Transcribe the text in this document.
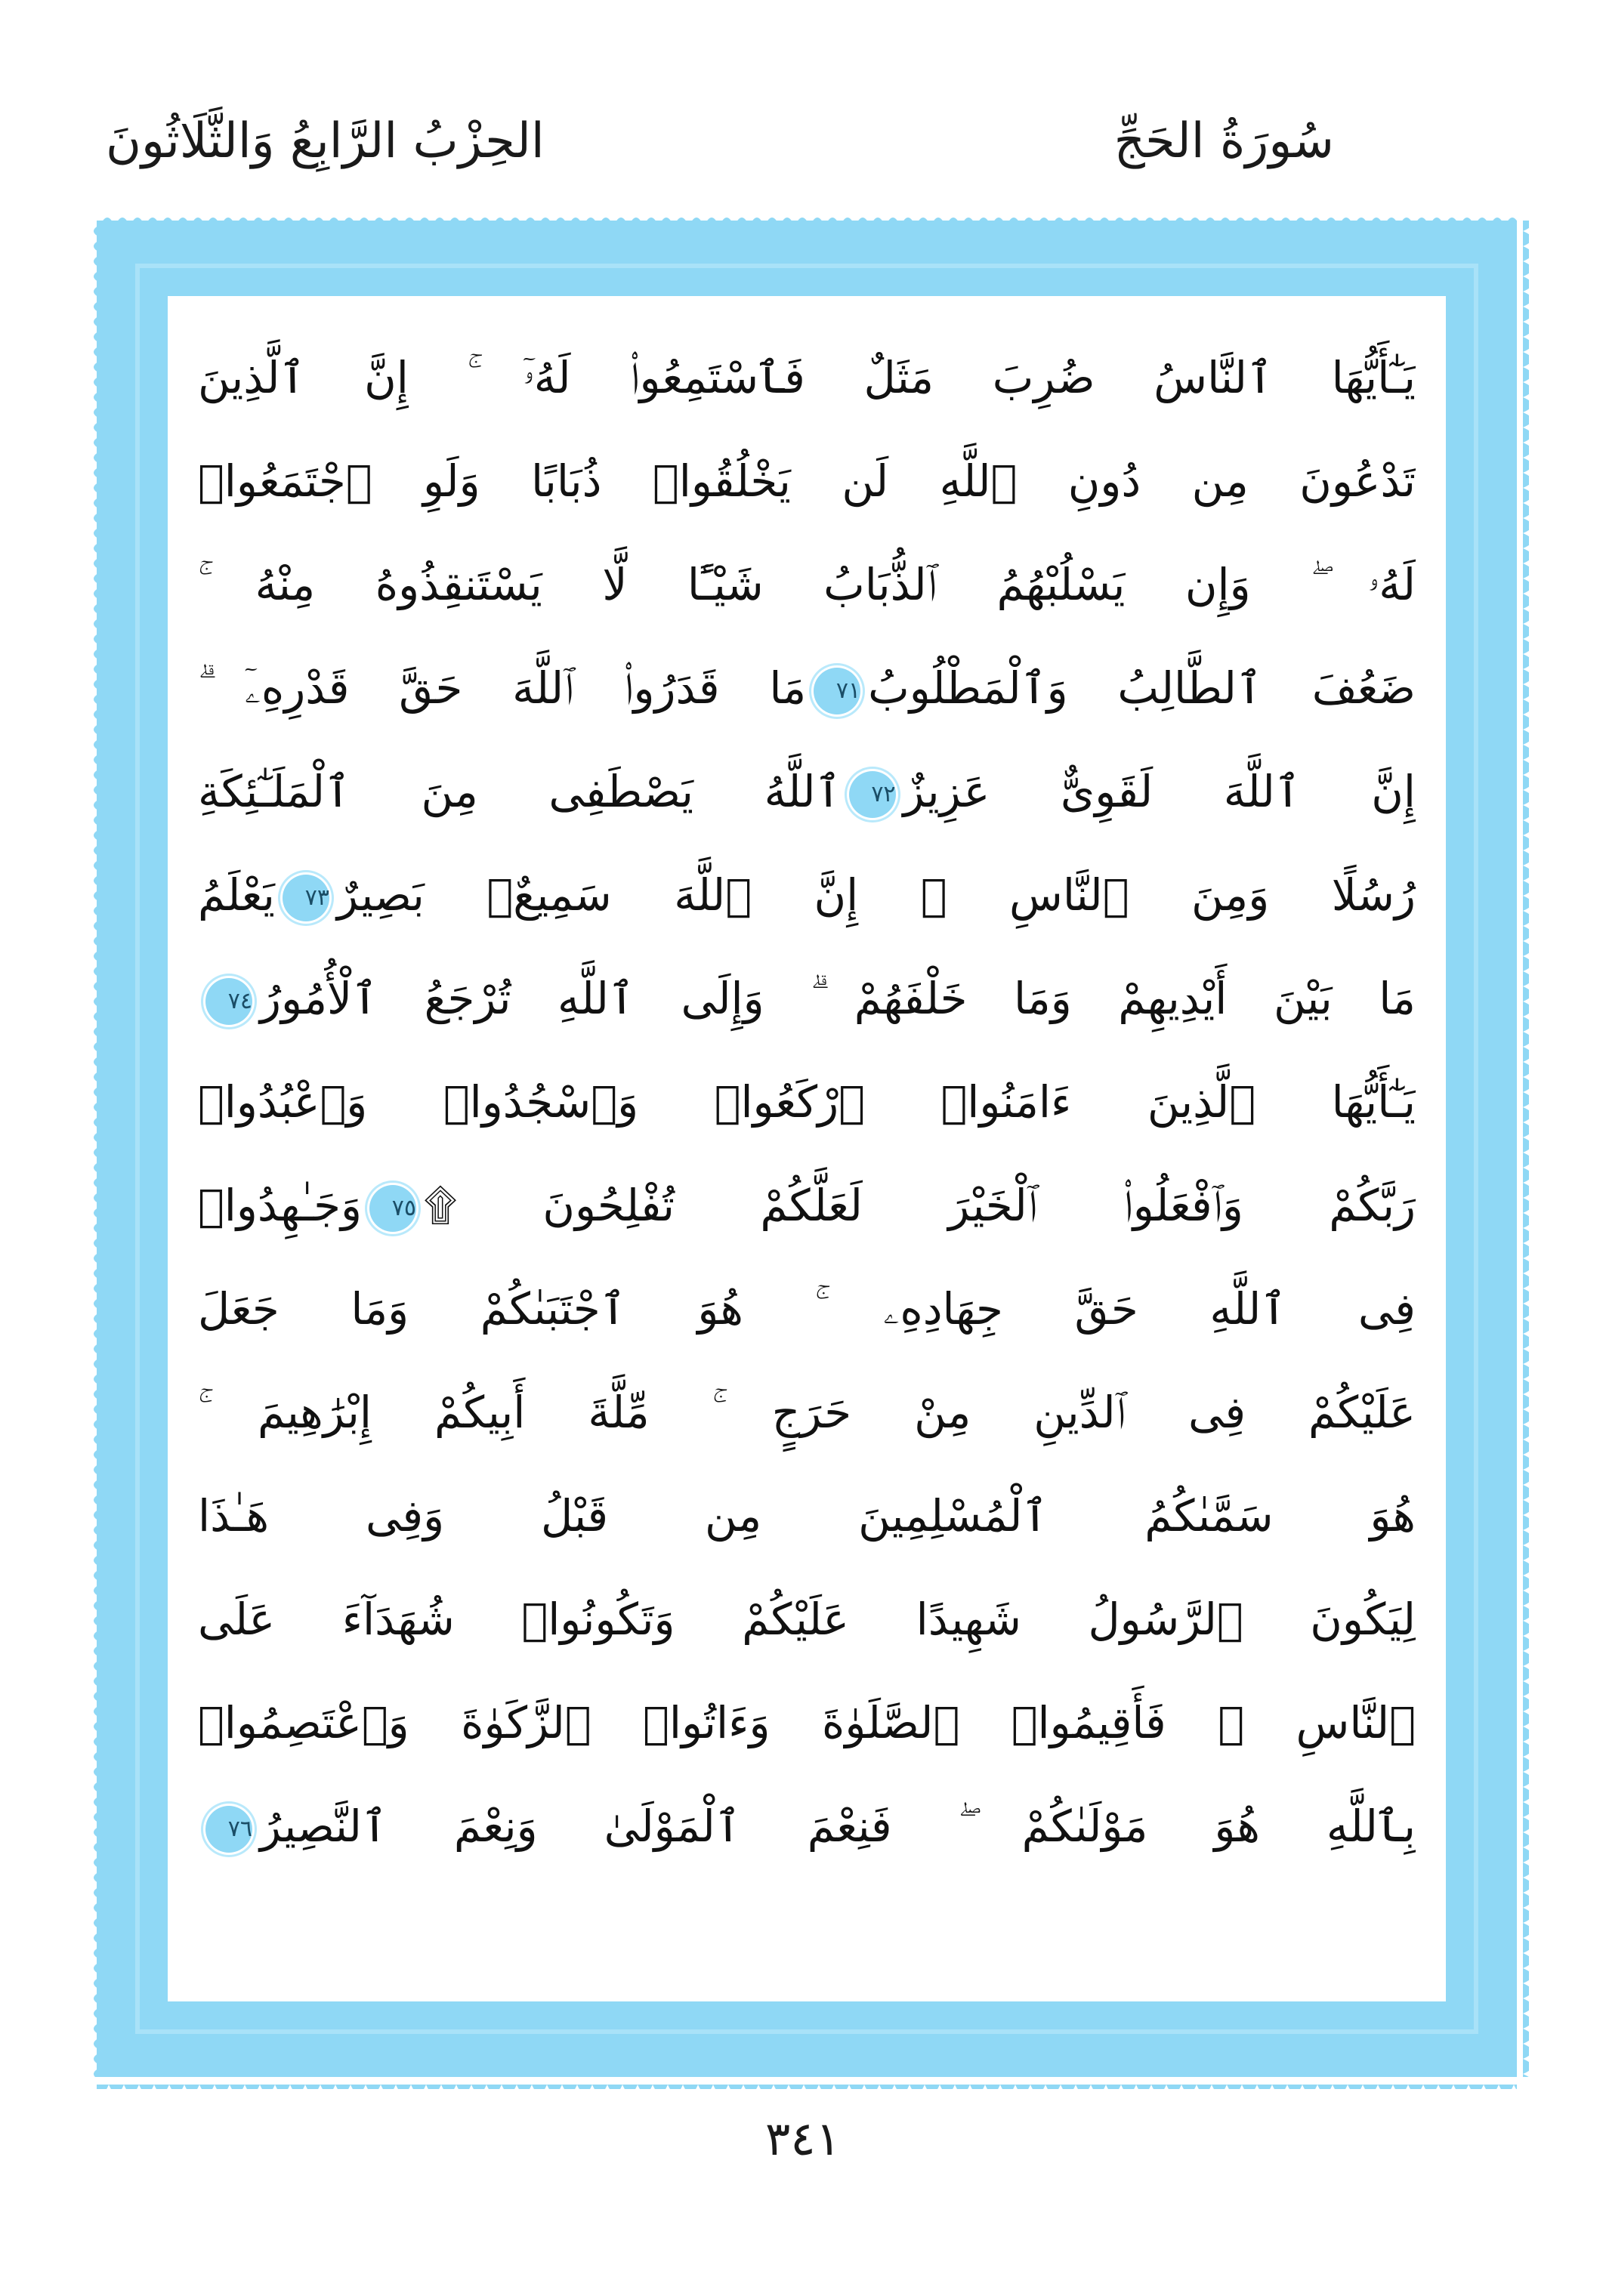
سُورَةُ الحَجِّ
الحِزْبُ الرَّابِعُ وَالثَّلَاثُونَ
يَـٰٓأَيُّهَا ٱلنَّاسُ ضُرِبَ مَثَلٌ فَٱسْتَمِعُوا۟ لَهُۥٓ ۚ إِنَّ ٱلَّذِينَ
تَدْعُونَ مِن دُونِ ٱللَّهِ لَن يَخْلُقُوا۟ ذُبَابًا وَلَوِ ٱجْتَمَعُوا۟
لَهُۥ ۖ وَإِن يَسْلُبْهُمُ ٱلذُّبَابُ شَيْـًٔا لَّا يَسْتَنقِذُوهُ مِنْهُ ۚ
ضَعُفَ ٱلطَّالِبُ وَٱلْمَطْلُوبُ٧١مَا قَدَرُوا۟ ٱللَّهَ حَقَّ قَدْرِهِۦٓ ۗ
إِنَّ ٱللَّهَ لَقَوِىٌّ عَزِيزٌ٧٢ٱللَّهُ يَصْطَفِى مِنَ ٱلْمَلَـٰٓئِكَةِ
رُسُلًا وَمِنَ ٱلنَّاسِ ۚ إِنَّ ٱللَّهَ سَمِيعٌۢ بَصِيرٌ٧٣يَعْلَمُ
مَا بَيْنَ أَيْدِيهِمْ وَمَا خَلْفَهُمْ ۗ وَإِلَى ٱللَّهِ تُرْجَعُ ٱلْأُمُورُ٧٤
يَـٰٓأَيُّهَا ٱلَّذِينَ ءَامَنُوا۟ ٱرْكَعُوا۟ وَٱسْجُدُوا۟ وَٱعْبُدُوا۟
رَبَّكُمْ وَٱفْعَلُوا۟ ٱلْخَيْرَ لَعَلَّكُمْ تُفْلِحُونَ ۩٧٥وَجَـٰهِدُوا۟
فِى ٱللَّهِ حَقَّ جِهَادِهِۦ ۚ هُوَ ٱجْتَبَىٰكُمْ وَمَا جَعَلَ
عَلَيْكُمْ فِى ٱلدِّينِ مِنْ حَرَجٍ ۚ مِّلَّةَ أَبِيكُمْ إِبْرَٰهِيمَ ۚ
هُوَ سَمَّىٰكُمُ ٱلْمُسْلِمِينَ مِن قَبْلُ وَفِى هَـٰذَا
لِيَكُونَ ٱلرَّسُولُ شَهِيدًا عَلَيْكُمْ وَتَكُونُوا۟ شُهَدَآءَ عَلَى
ٱلنَّاسِ ۚ فَأَقِيمُوا۟ ٱلصَّلَوٰةَ وَءَاتُوا۟ ٱلزَّكَوٰةَ وَٱعْتَصِمُوا۟
بِٱللَّهِ هُوَ مَوْلَىٰكُمْ ۖ فَنِعْمَ ٱلْمَوْلَىٰ وَنِعْمَ ٱلنَّصِيرُ٧٦
٣٤١
